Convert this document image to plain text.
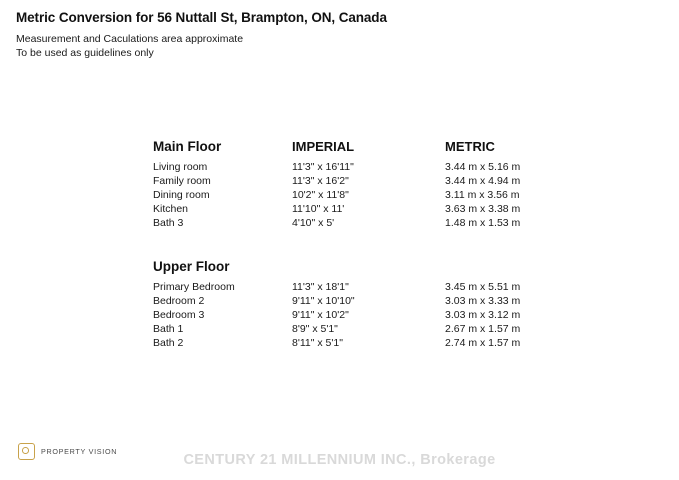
Metric Conversion for 56 Nuttall St, Brampton, ON, Canada
Measurement and Caculations area approximate
To be used as guidelines only
Main Floor	IMPERIAL	METRIC
Living room	11'3" x 16'11"	3.44 m x 5.16 m
Family room	11'3" x 16'2"	3.44 m x 4.94 m
Dining room	10'2" x 11'8"	3.11 m x 3.56 m
Kitchen	11'10" x 11'	3.63 m x 3.38 m
Bath 3	4'10" x 5'	1.48 m x 1.53 m
Upper Floor
Primary Bedroom	11'3" x 18'1"	3.45 m x 5.51 m
Bedroom 2	9'11" x 10'10"	3.03 m x 3.33 m
Bedroom 3	9'11" x 10'2"	3.03 m x 3.12 m
Bath 1	8'9" x 5'1"	2.67 m x 1.57 m
Bath 2	8'11" x 5'1"	2.74 m x 1.57 m
PROPERTY VISION
CENTURY 21 MILLENNIUM INC., Brokerage
